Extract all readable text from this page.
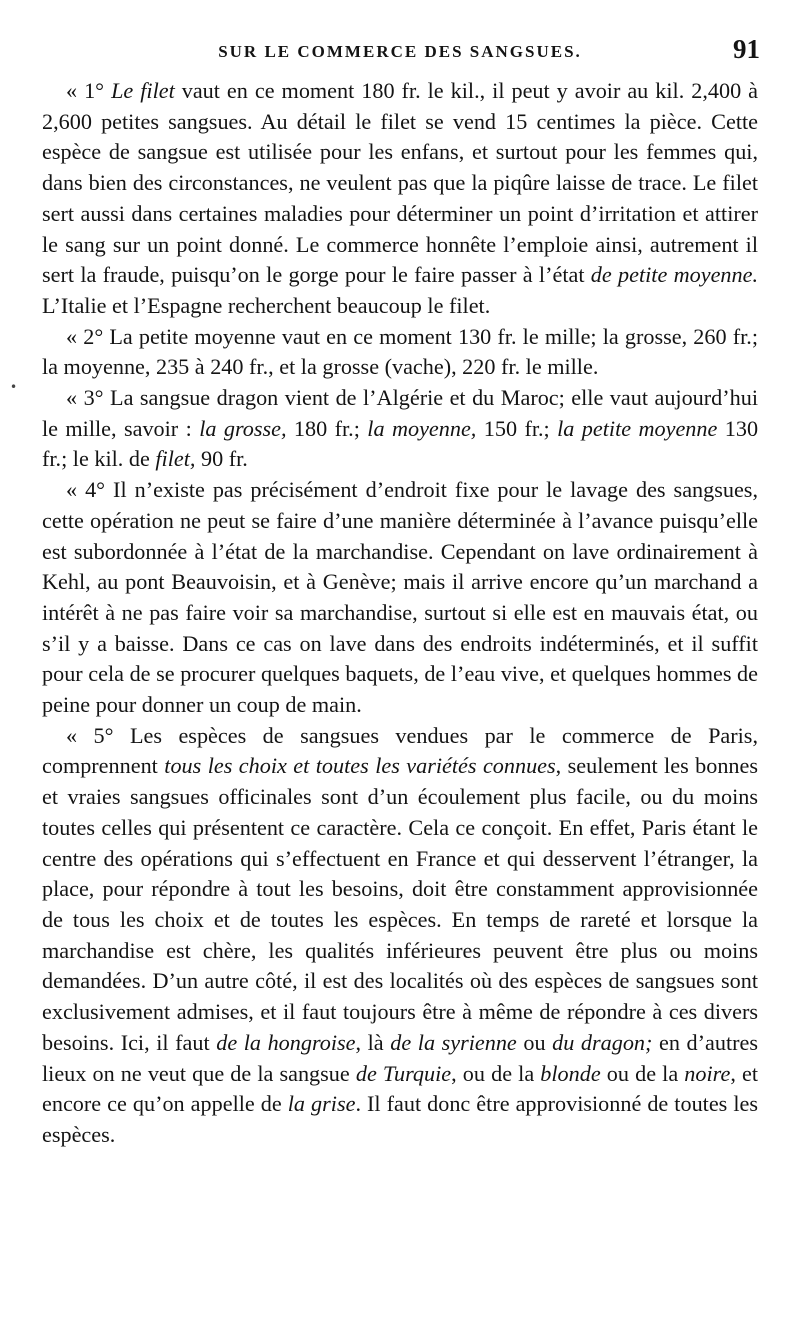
SUR LE COMMERCE DES SANGSUES.	91

« 1° Le filet vaut en ce moment 180 fr. le kil., il peut y avoir au kil. 2,400 à 2,600 petites sangsues. Au détail le filet se vend 15 centimes la pièce. Cette espèce de sangsue est utilisée pour les enfans, et surtout pour les femmes qui, dans bien des circonstances, ne veulent pas que la piqûre laisse de trace. Le filet sert aussi dans certaines maladies pour déterminer un point d’irritation et attirer le sang sur un point donné. Le commerce honnête l’emploie ainsi, autrement il sert la fraude, puisqu’on le gorge pour le faire passer à l’état de petite moyenne. L’Italie et l’Espagne recherchent beaucoup le filet.

« 2° La petite moyenne vaut en ce moment 130 fr. le mille; la grosse, 260 fr.; la moyenne, 235 à 240 fr., et la grosse (vache), 220 fr. le mille.

« 3° La sangsue dragon vient de l’Algérie et du Maroc; elle vaut aujourd’hui le mille, savoir : la grosse, 180 fr.; la moyenne, 150 fr.; la petite moyenne 130 fr.; le kil. de filet, 90 fr.

« 4° Il n’existe pas précisément d’endroit fixe pour le lavage des sangsues, cette opération ne peut se faire d’une manière déterminée à l’avance puisqu’elle est subordonnée à l’état de la marchandise. Cependant on lave ordinairement à Kehl, au pont Beauvoisin, et à Genève; mais il arrive encore qu’un marchand a intérêt à ne pas faire voir sa marchandise, surtout si elle est en mauvais état, ou s’il y a baisse. Dans ce cas on lave dans des endroits indéterminés, et il suffit pour cela de se procurer quelques baquets, de l’eau vive, et quelques hommes de peine pour donner un coup de main.

« 5° Les espèces de sangsues vendues par le commerce de Paris, comprennent tous les choix et toutes les variétés connues, seulement les bonnes et vraies sangsues officinales sont d’un écoulement plus facile, ou du moins toutes celles qui présentent ce caractère. Cela ce conçoit. En effet, Paris étant le centre des opérations qui s’effectuent en France et qui desservent l’étranger, la place, pour répondre à tout les besoins, doit être constamment approvisionnée de tous les choix et de toutes les espèces. En temps de rareté et lorsque la marchandise est chère, les qualités inférieures peuvent être plus ou moins demandées. D’un autre côté, il est des localités où des espèces de sangsues sont exclusivement admises, et il faut toujours être à même de répondre à ces divers besoins. Ici, il faut de la hongroise, là de la syrienne ou du dragon; en d’autres lieux on ne veut que de la sangsue de Turquie, ou de la blonde ou de la noire, et encore ce qu’on appelle de la grise. Il faut donc être approvisionné de toutes les espèces.

•
